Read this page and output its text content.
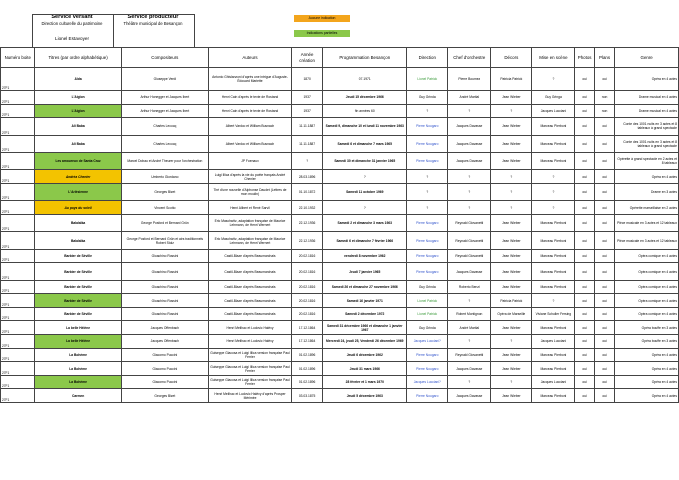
Service versant
Direction culturelle du patrimoine
Lionel Estavoyer
Service producteur
Théâtre municipal de Besançon
Aucune indication
Indications partielles
Numéro boite	Titres (par ordre alphabétique)	Compositeurs	Auteurs	Année création	Programmation Besançon	Direction	Chef d'orchestre	Décors	Mise en scène	Photos	Plans	Genre
27F1	Aïda	Giuseppe Verdi	Antonio Ghislanzoni d'après une intrigue d'Auguste-Édouard Mariette	1870	07.1971	Lionel Patrick	Pierre Boumez	Patricia Patrick	?	oui	oui	Opéra en 4 actes
27F1	L'Aiglon	Arthur Honegger et Jacques Ibert	Henri Cain d'après le texte de Rostand	1937	Jeudi 15 décembre 1966	Guy Grinda	André Martial	Jean Wieber	Guy Gringa	oui	non	Drame musical en 4 actes
27F1	L'Aiglon	Arthur Honegger et Jacques Ibert	Henri Cain d'après le texte de Rostand	1937	fin années 60	?	?	?	Jacques Lucciani	oui	non	Drame musical en 4 actes
27F1	Ali Baba	Charles Lecocq	Albert Vanloo et William Busnach	11.11.1887	Samedi 9, dimanche 10 et lundi 11 novembre 1963	Pierre Nougaro	Jacques Davasse	Jean Wieber	Marceau Pierboni	oui	oui	Conte des 1001 nuits en 3 actes et 8 tableaux à grand spectacle
27F1	Ali Baba	Charles Lecocq	Albert Vanloo et William Busnach	11.11.1887	Samedi 6 et dimanche 7 mars 1965	Pierre Nougaro	Jacques Davasse	Jean Wieber	Marceau Pierboni	oui	oui	Conte des 1001 nuits en 3 actes et 8 tableaux à grand spectacle
27F1	Les amoureux de Santa Cruz	Marcel Dobau et André Theurer pour l'orchestration	JP Foenaux	?	Samedi 30 et dimanche 31 janvier 1965	Pierre Nougaro	Jacques Davasse	Jean Wieber	Marceau Pierboni	oui	oui	Opérette à grand spectacle en 2 actes et 8 tableaux
27F1	Andréa Chenier	Umberto Giordano	Luigi Illica d'après la vie du poète français André Chenier	28.03.1896	?	?	?	?	?	oui	oui	Opéra en 4 actes
27F1	L'Arlésienne	Georges Bizet	Tiré d'une nouvelle d'Alphonse Daudet (Lettres de mon moulin)	01.10.1872	Samedi 11 octobre 1969	?	?	?	?	oui	oui	Drame en 3 actes
27F1	Au pays du soleil	Vincent Scotto	Henri Alibert et René Sarvil	22.10.1932	?	?	?	?	?	oui	oui	Opérette marseillaise en 2 actes
27F1	Balalaïka	George Posford et Bernard Grün	Eric Maschwitz, adaptation française de Maurice Lehmann, de Henri Wernert	22.12.1936	Samedi 2 et dimanche 3 mars 1963	Pierre Nougaro	Reynald Giovanetti	Jean Wieber	Marceau Pierboni	oui	oui	Pièce musicale en 3 actes et 12 tableaux
27F1	Balalaïka	George Posford et Bernard Grün et airs traditionnels Robert Stolz	Eric Maschwitz, adaptation française de Maurice Lehmann, de Henri Wernert	22.12.1936	Samedi 6 et dimanche 7 février 1966	Pierre Nougaro	Reynald Giovanetti	Jean Wieber	Marceau Pierboni	oui	oui	Pièce musicale en 3 actes et 12 tableaux
27F1	Barbier de Séville	Gioachino Rossini	Castil-Blaze d'après Beaumarchais	20.02.1816	vendredi 8 novembre 1962	Pierre Nougaro	Reynald Giovanetti	Jean Wieber	Marceau Pierboni	oui	oui	Opéra comique en 4 actes
27F1	Barbier de Séville	Gioachino Rossini	Castil-Blaze d'après Beaumarchais	20.02.1816	Jeudi 7 janvier 1965	Pierre Nougaro	Jacques Davasse	Jean Wieber	Marceau Pierboni	oui	oui	Opéra comique en 4 actes
27F1	Barbier de Séville	Gioachino Rossini	Castil-Blaze d'après Beaumarchais	20.02.1816	Samedi 26 et dimanche 27 novembre 1966	Guy Grinda	Roberto Benzi	Jean Wieber	Marceau Pierboni	oui	oui	Opéra comique en 4 actes
27F1	Barbier de Séville	Gioachino Rossini	Castil-Blaze d'après Beaumarchais	20.02.1816	Samedi 16 janvier 1971	Lionel Patrick	?	Patricia Patrick	?	oui	oui	Opéra comique en 4 actes
27F1	Barbier de Séville	Gioachino Rossini	Castil-Blaze d'après Beaumarchais	20.02.1816	Samedi 2 décembre 1972	Lionel Patrick	Robert Montignon	Opéra de Marseille	Viviane Schuller Fersing	oui	oui	Opéra comique en 4 actes
27F1	La belle Hélène	Jacques Offenbach	Henri Meilhac et Ludovic Halévy	17.12.1864	Samedi 31 décembre 1966 et dimanche 1 janvier 1967	Guy Grinda	André Martial	Jean Wieber	Marceau Pierboni	oui	oui	Opéra bouffe en 3 actes
27F1	La belle Hélène	Jacques Offenbach	Henri Meilhac et Ludovic Halévy	17.12.1864	Mercredi 24, jeudi 25, Vendredi 26 décembre 1969	Jacques Lucciani?	?	?	Jacques Lucciani	oui	oui	Opéra bouffe en 3 actes
27F1	La Bohème	Giacomo Puccini	Guiseppe Giacosa et Luigi Illica version française Paul Ferrier	01.02.1896	Jeudi 6 décembre 1962	Pierre Nougaro	Reynald Giovanetti	Jean Wieber	Marceau Pierboni	oui	oui	Opéra en 4 actes
27F1	La Bohème	Giacomo Puccini	Guiseppe Giacosa et Luigi Illica version française Paul Ferrier	01.02.1896	Jeudi 31 mars 1966	Pierre Nougaro	Jacques Davasse	Jean Wieber	Marceau Pierboni	oui	oui	Opéra en 4 actes
27F1	La Bohème	Giacomo Puccini	Guiseppe Giacosa et Luigi Illica version française Paul Ferrier	01.02.1896	28 février et 1 mars 1970	Jacques Lucciani?	?	?	Jacques Lucciani	oui	oui	Opéra en 4 actes
27F1	Carmen	Georges Bizet	Henri Meilhac et Ludovic Halévy d'après Prosper Mérimée	03.03.1875	Jeudi 5 décembre 1963	Pierre Nougaro	Jacques Davasse	Jean Wieber	Marceau Pierboni	oui	oui	Opéra en 4 actes
